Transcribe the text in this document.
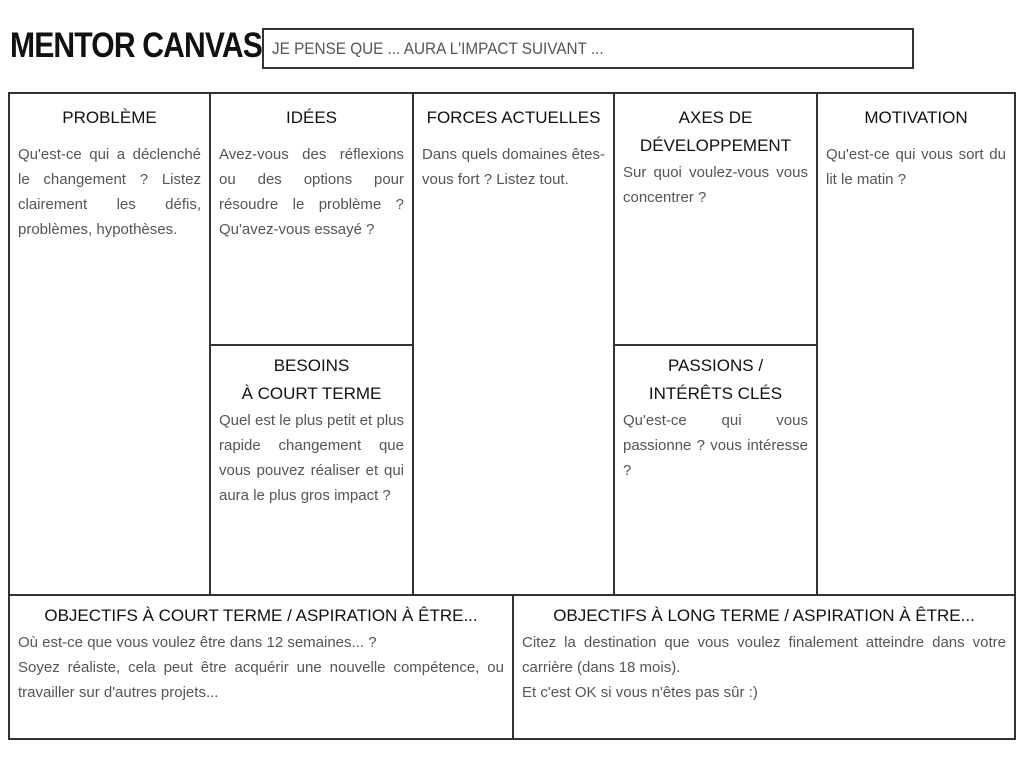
MENTOR CANVAS JE PENSE QUE ... AURA L'IMPACT SUIVANT ...
PROBLÈME
Qu'est-ce qui a déclenché le changement ? Listez clairement les défis, problèmes, hypothèses.
IDÉES
Avez-vous des réflexions ou des options pour résoudre le problème ? Qu'avez-vous essayé ?
FORCES ACTUELLES
Dans quels domaines êtes-vous fort ? Listez tout.
AXES DE
DÉVELOPPEMENT
Sur quoi voulez-vous vous concentrer ?
MOTIVATION
Qu'est-ce qui vous sort du lit le matin ?
BESOINS
À COURT TERME
Quel est le plus petit et plus rapide changement que vous pouvez réaliser et qui aura le plus gros impact ?
PASSIONS /
INTÉRÊTS CLÉS
Qu'est-ce qui vous passionne ? vous intéresse ?
OBJECTIFS À COURT TERME / ASPIRATION À ÊTRE...
Où est-ce que vous voulez être dans 12 semaines... ?
Soyez réaliste, cela peut être acquérir une nouvelle compétence, ou travailler sur d'autres projets...
OBJECTIFS À LONG TERME / ASPIRATION À ÊTRE...
Citez la destination que vous voulez finalement atteindre dans votre carrière (dans 18 mois).
Et c'est OK si vous n'êtes pas sûr :)
